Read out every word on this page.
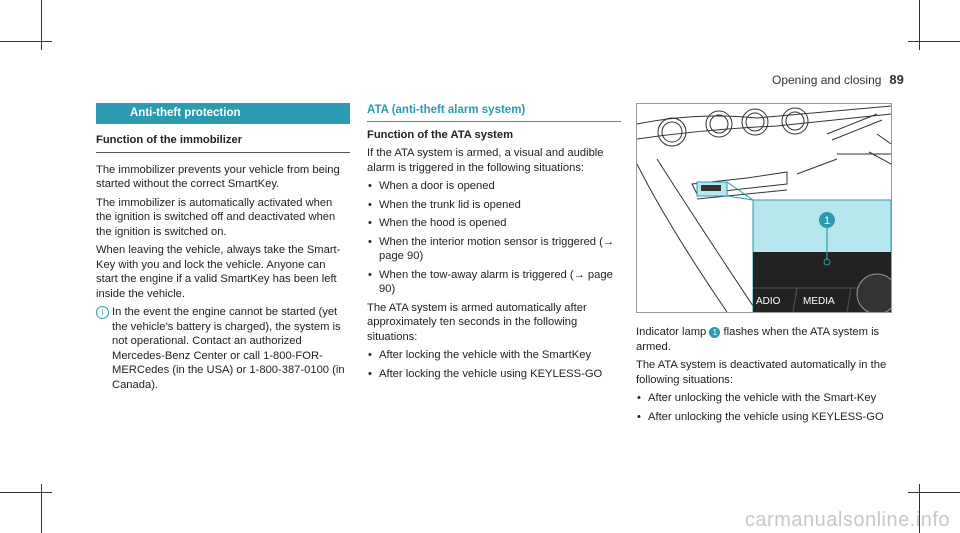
Opening and closing 89
Anti-theft protection

Function of the immobilizer

The immobilizer prevents your vehicle from being started without the correct SmartKey.

The immobilizer is automatically activated when the ignition is switched off and deactivated when the ignition is switched on.

When leaving the vehicle, always take the Smart-Key with you and lock the vehicle. Anyone can start the engine if a valid SmartKey has been left inside the vehicle.

i In the event the engine cannot be started (yet the vehicle’s battery is charged), the system is not operational. Contact an authorized Mercedes-Benz Center or call 1-800-FOR-MERCedes (in the USA) or 1-800-387-0100 (in Canada).
ATA (anti-theft alarm system)

Function of the ATA system

If the ATA system is armed, a visual and audible alarm is triggered in the following situations:

• When a door is opened
• When the trunk lid is opened
• When the hood is opened
• When the interior motion sensor is triggered (→ page 90)
• When the tow-away alarm is triggered (→ page 90)

The ATA system is armed automatically after approximately ten seconds in the following situations:

• After locking the vehicle with the SmartKey
• After locking the vehicle using KEYLESS-GO
1
ADIO MEDIA

Indicator lamp 1 flashes when the ATA system is armed.

The ATA system is deactivated automatically in the following situations:

• After unlocking the vehicle with the Smart-Key
• After unlocking the vehicle using KEYLESS-GO
carmanualsonline.info
